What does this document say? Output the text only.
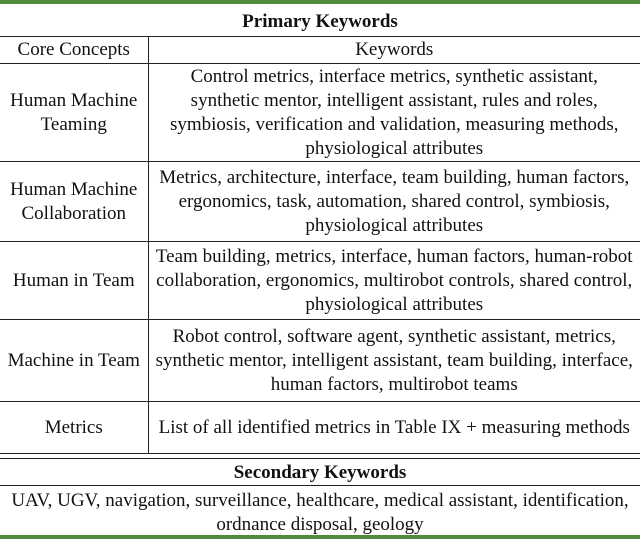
Primary Keywords
Core Concepts	Keywords
Human Machine Teaming	Control metrics, interface metrics, synthetic assistant, synthetic mentor, intelligent assistant, rules and roles, symbiosis, verification and validation, measuring methods, physiological attributes
Human Machine Collaboration	Metrics, architecture, interface, team building, human factors, ergonomics, task, automation, shared control, symbiosis, physiological attributes
Human in Team	Team building, metrics, interface, human factors, human-robot collaboration, ergonomics, multirobot controls, shared control, physiological attributes
Machine in Team	Robot control, software agent, synthetic assistant, metrics, synthetic mentor, intelligent assistant, team building, interface, human factors, multirobot teams
Metrics	List of all identified metrics in Table IX + measuring methods
Secondary Keywords
UAV, UGV, navigation, surveillance, healthcare, medical assistant, identification, ordnance disposal, geology
